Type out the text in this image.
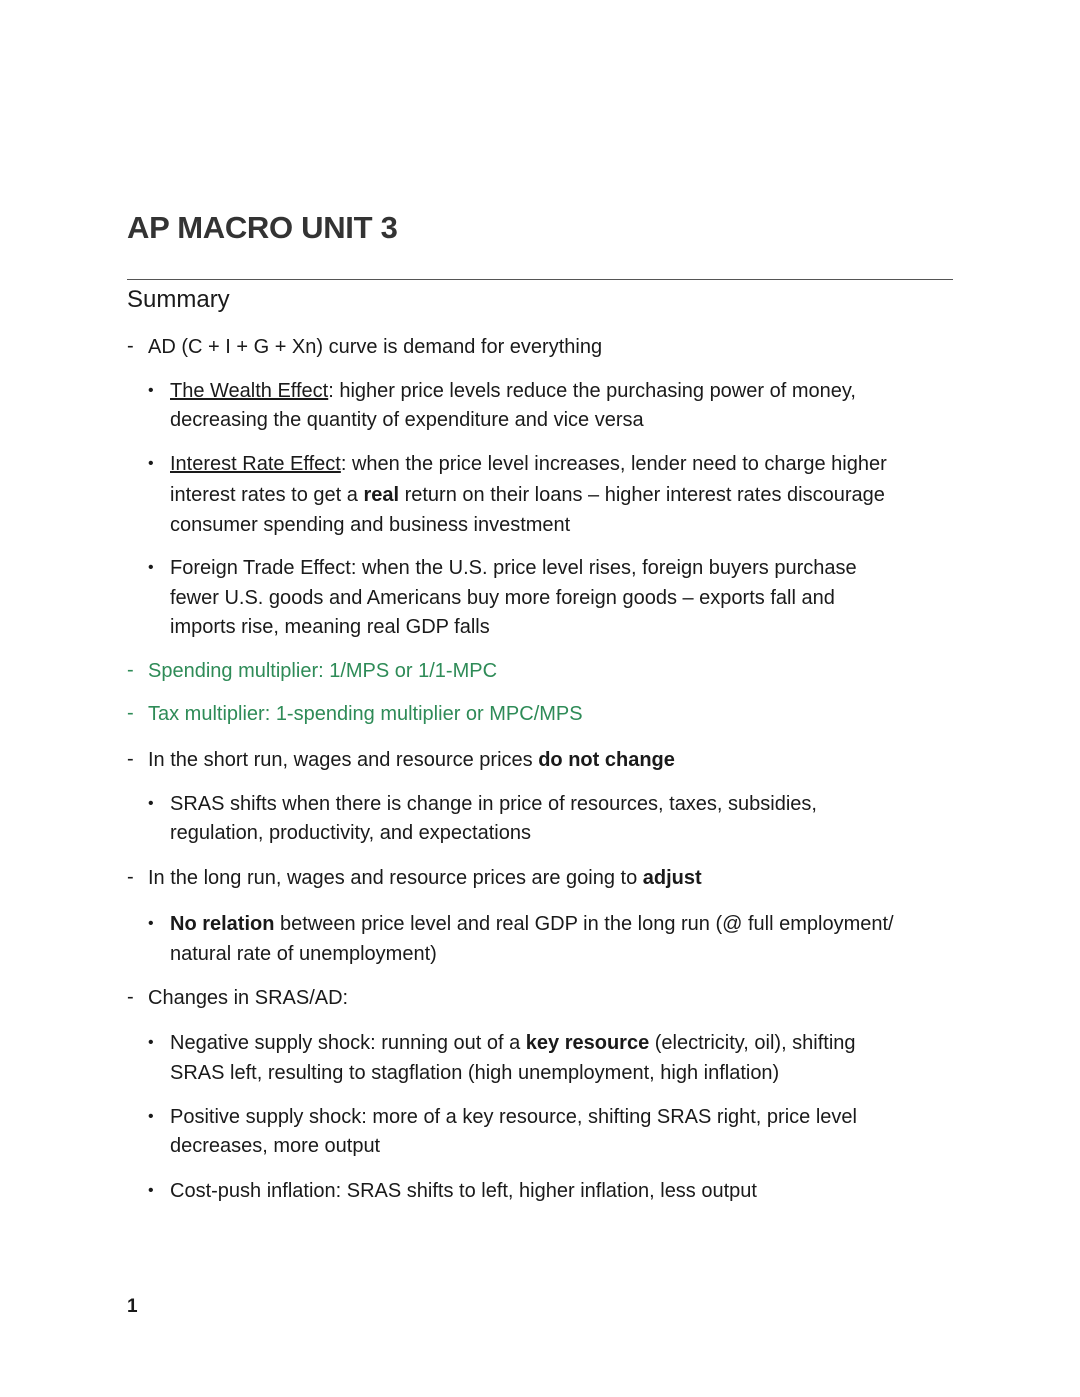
AP MACRO UNIT 3
Summary
- AD (C + I + G + Xn) curve is demand for everything
• The Wealth Effect: higher price levels reduce the purchasing power of money,
decreasing the quantity of expenditure and vice versa
• Interest Rate Effect: when the price level increases, lender need to charge higher
interest rates to get a real return on their loans – higher interest rates discourage
consumer spending and business investment
• Foreign Trade Effect: when the U.S. price level rises, foreign buyers purchase
fewer U.S. goods and Americans buy more foreign goods – exports fall and
imports rise, meaning real GDP falls
- Spending multiplier: 1/MPS or 1/1-MPC
- Tax multiplier: 1-spending multiplier or MPC/MPS
- In the short run, wages and resource prices do not change
• SRAS shifts when there is change in price of resources, taxes, subsidies,
regulation, productivity, and expectations
- In the long run, wages and resource prices are going to adjust
• No relation between price level and real GDP in the long run (@ full employment/
natural rate of unemployment)
- Changes in SRAS/AD:
• Negative supply shock: running out of a key resource (electricity, oil), shifting
SRAS left, resulting to stagflation (high unemployment, high inflation)
• Positive supply shock: more of a key resource, shifting SRAS right, price level
decreases, more output
• Cost-push inflation: SRAS shifts to left, higher inflation, less output
1
